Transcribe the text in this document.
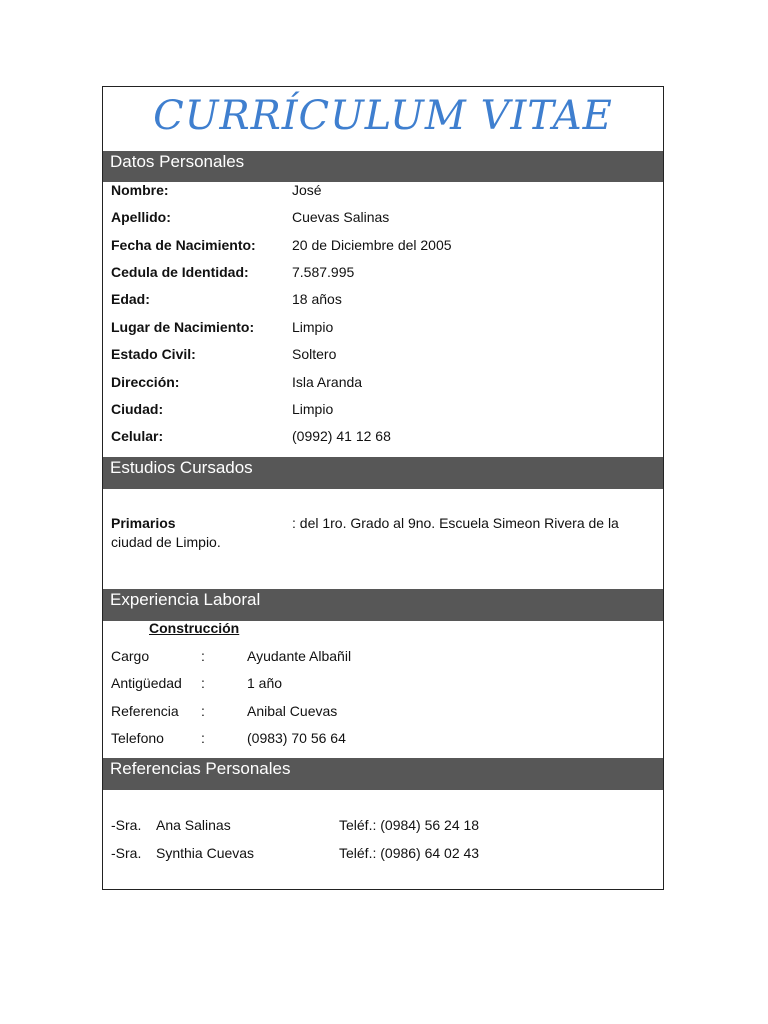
CURRÍCULUM VITAE
Datos Personales
Nombre:	José
Apellido:	Cuevas Salinas
Fecha de Nacimiento:	20 de Diciembre del 2005
Cedula de Identidad:	7.587.995
Edad:	18 años
Lugar de Nacimiento:	Limpio
Estado Civil:	Soltero
Dirección:	Isla Aranda
Ciudad:	Limpio
Celular:	(0992) 41 12 68
Estudios Cursados
Primarios	: del 1ro. Grado al 9no. Escuela Simeon Rivera de la
ciudad de Limpio.
Experiencia Laboral
Construcción
Cargo	:	Ayudante Albañil
Antigüedad :	1 año
Referencia :	Anibal Cuevas
Telefono	:	(0983) 70 56 64
Referencias Personales
-Sra. Ana Salinas	Teléf.: (0984) 56 24 18
-Sra. Synthia Cuevas	Teléf.: (0986) 64 02 43
